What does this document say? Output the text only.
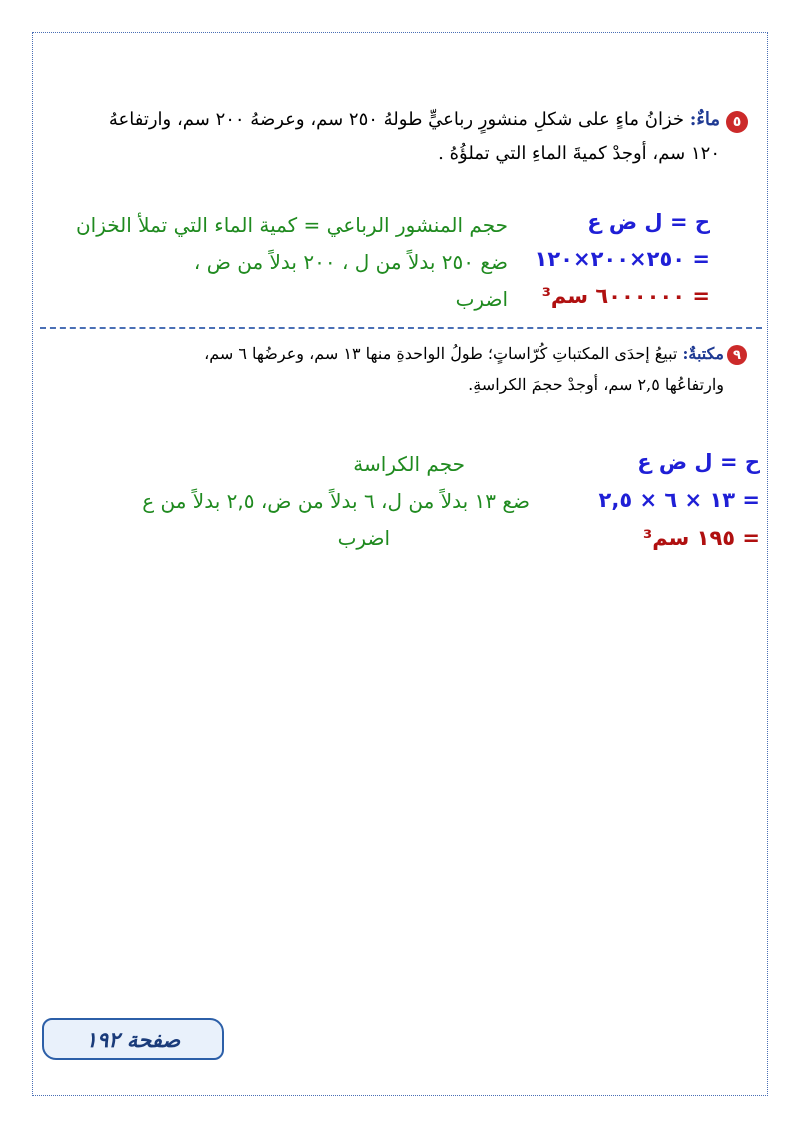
٥
ماءٌ: خزانُ ماءٍ على شكلِ منشورٍ رباعيٍّ طولهُ ٢٥٠ سم، وعرضهُ ٢٠٠ سم، وارتفاعهُ
١٢٠ سم، أوجدْ كميةَ الماءِ التي تملؤُهُ .
ح = ل ض ع
= ٢٥٠×٢٠٠×١٢٠
= ٦٠٠٠٠٠٠ سم³
حجم المنشور الرباعي = كمية الماء التي تملأ الخزان
ضع ٢٥٠ بدلاً من ل ، ٢٠٠ بدلاً من ض ،
اضرب
٩
مكتبةٌ: تبيعُ إحدَى المكتباتِ كُرّاساتٍ؛ طولُ الواحدةِ منها ١٣ سم، وعرضُها ٦ سم،
وارتفاعُها ٢,٥ سم، أوجدْ حجمَ الكراسةِ.
ح = ل ض ع
= ١٣ × ٦ × ٢,٥
= ١٩٥ سم³
حجم الكراسة
ضع ١٣ بدلاً من ل، ٦ بدلاً من ض، ٢,٥ بدلاً من ع
اضرب
صفحة ١٩٢
